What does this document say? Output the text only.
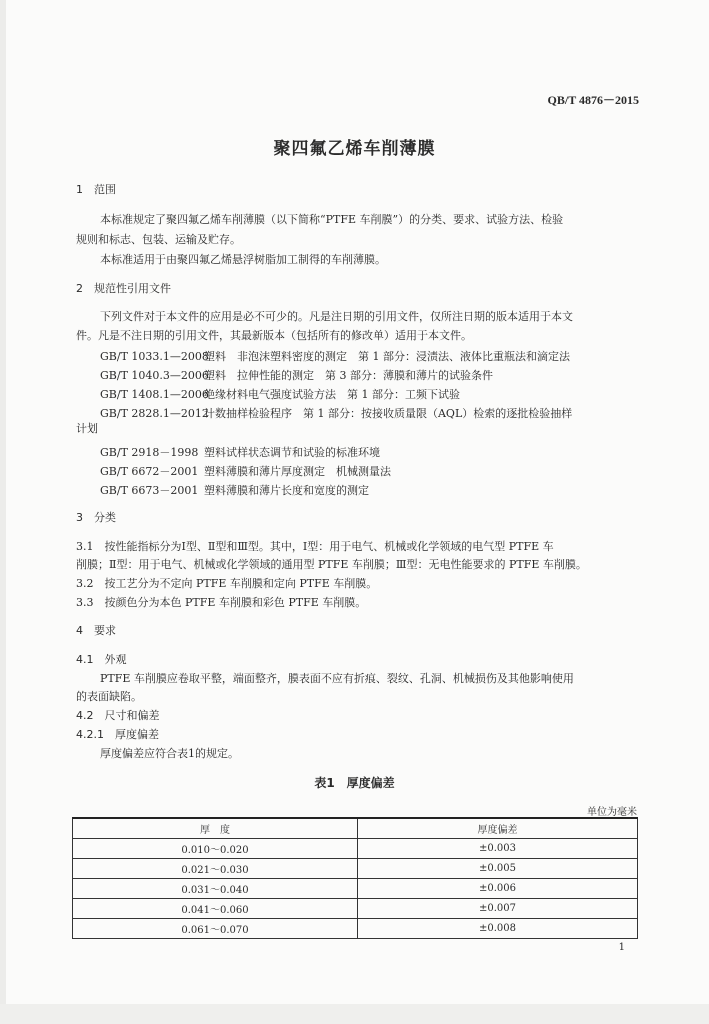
QB/T 4876－2015
聚四氟乙烯车削薄膜
1　范围
本标准规定了聚四氟乙烯车削薄膜（以下简称“PTFE 车削膜”）的分类、要求、试验方法、检验
规则和标志、包装、运输及贮存。
本标准适用于由聚四氟乙烯悬浮树脂加工制得的车削薄膜。
2　规范性引用文件
下列文件对于本文件的应用是必不可少的。凡是注日期的引用文件，仅所注日期的版本适用于本文
件。凡是不注日期的引用文件，其最新版本（包括所有的修改单）适用于本文件。
GB/T 1033.1—2008塑料　非泡沫塑料密度的测定　第 1 部分：浸渍法、液体比重瓶法和滴定法
GB/T 1040.3—2006塑料　拉伸性能的测定　第 3 部分：薄膜和薄片的试验条件
GB/T 1408.1—2006绝缘材料电气强度试验方法　第 1 部分：工频下试验
GB/T 2828.1—2012计数抽样检验程序　第 1 部分：按接收质量限（AQL）检索的逐批检验抽样
计划
GB/T 2918－1998 塑料试样状态调节和试验的标准环境
GB/T 6672－2001 塑料薄膜和薄片厚度测定　机械测量法
GB/T 6673－2001 塑料薄膜和薄片长度和宽度的测定
3　分类
3.1　按性能指标分为Ⅰ型、Ⅱ型和Ⅲ型。其中，Ⅰ型：用于电气、机械或化学领域的电气型 PTFE 车
削膜；Ⅱ型：用于电气、机械或化学领域的通用型 PTFE 车削膜；Ⅲ型：无电性能要求的 PTFE 车削膜。
3.2　按工艺分为不定向 PTFE 车削膜和定向 PTFE 车削膜。
3.3　按颜色分为本色 PTFE 车削膜和彩色 PTFE 车削膜。
4　要求
4.1　外观
PTFE 车削膜应卷取平整，端面整齐，膜表面不应有折痕、裂纹、孔洞、机械损伤及其他影响使用
的表面缺陷。
4.2　尺寸和偏差
4.2.1　厚度偏差
厚度偏差应符合表1的规定。
表1　厚度偏差
单位为毫米
厚　度	厚度偏差
0.010～0.020	±0.003
0.021～0.030	±0.005
0.031～0.040	±0.006
0.041～0.060	±0.007
0.061～0.070	±0.008
1
